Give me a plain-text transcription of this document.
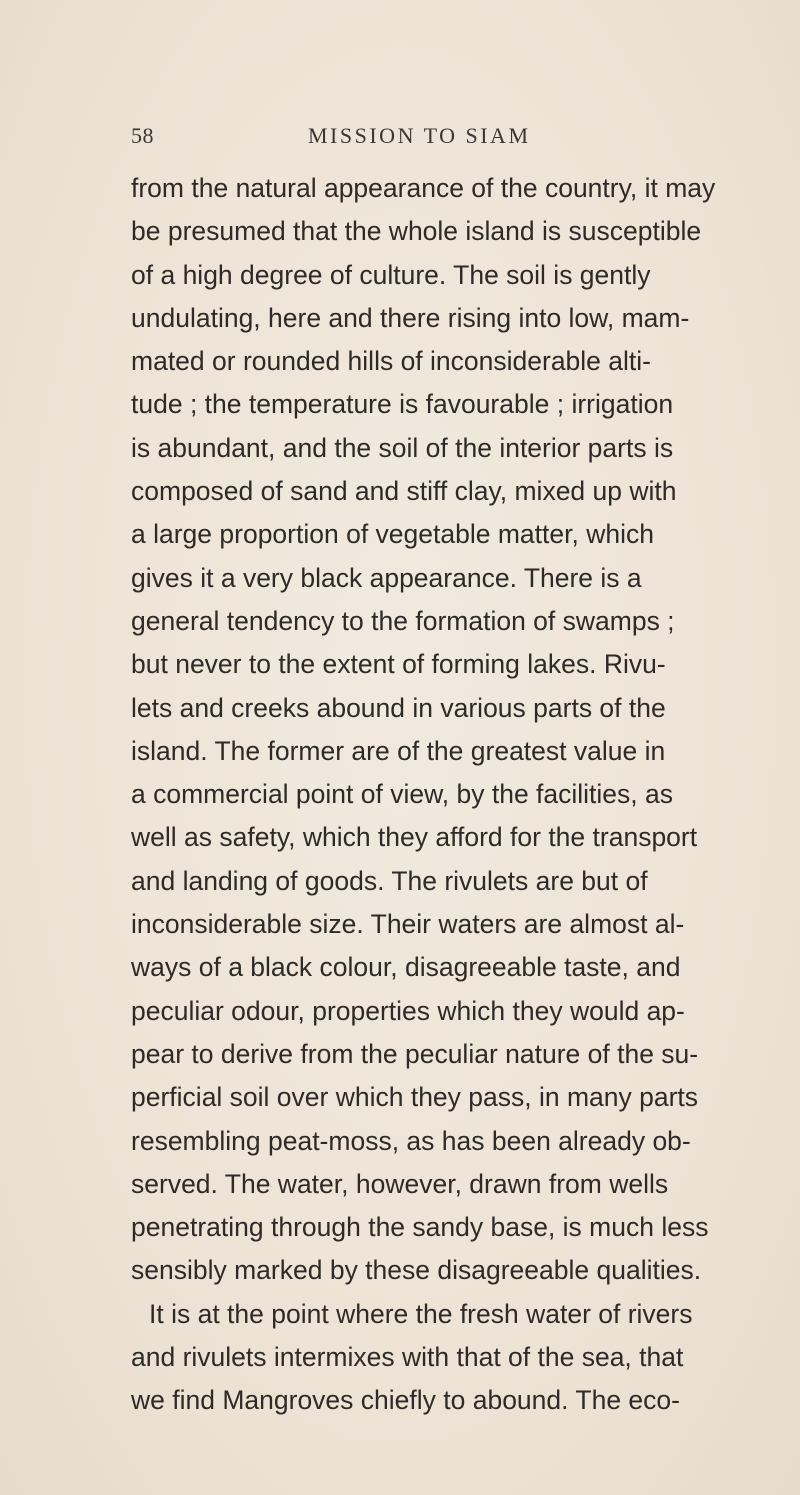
58	MISSION TO SIAM
from the natural appearance of the country, it may
be presumed that the whole island is susceptible
of a high degree of culture. The soil is gently
undulating, here and there rising into low, mam-
mated or rounded hills of inconsiderable alti-
tude ; the temperature is favourable ; irrigation
is abundant, and the soil of the interior parts is
composed of sand and stiff clay, mixed up with
a large proportion of vegetable matter, which
gives it a very black appearance. There is a
general tendency to the formation of swamps ;
but never to the extent of forming lakes. Rivu-
lets and creeks abound in various parts of the
island. The former are of the greatest value in
a commercial point of view, by the facilities, as
well as safety, which they afford for the transport
and landing of goods. The rivulets are but of
inconsiderable size. Their waters are almost al-
ways of a black colour, disagreeable taste, and
peculiar odour, properties which they would ap-
pear to derive from the peculiar nature of the su-
perficial soil over which they pass, in many parts
resembling peat-moss, as has been already ob-
served. The water, however, drawn from wells
penetrating through the sandy base, is much less
sensibly marked by these disagreeable qualities.
It is at the point where the fresh water of rivers
and rivulets intermixes with that of the sea, that
we find Mangroves chiefly to abound. The eco-
